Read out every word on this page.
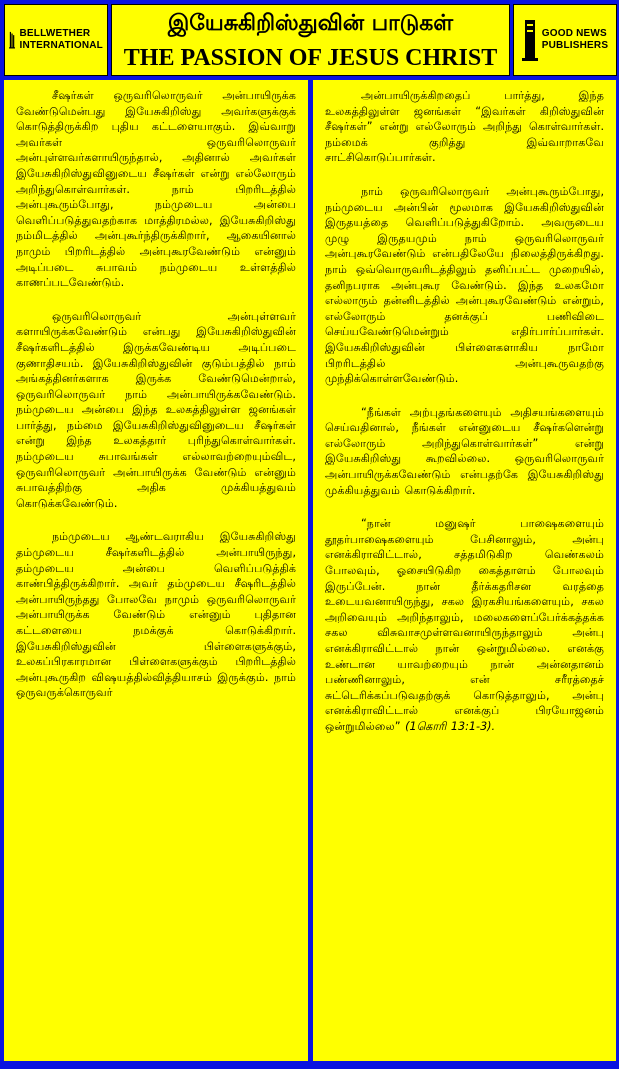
BELLWETHER
INTERNATIONAL
இயேசுகிறிஸ்துவின் பாடுகள்
THE PASSION OF JESUS CHRIST
GOOD NEWS
PUBLISHERS

சீஷர்கள் ஒருவரிலொருவர் அன்பாயிருக்க வேண்டுமென்பது இயேசுகிறிஸ்து அவர்களுக்குக் கொடுத்திருக்கிற புதிய கட்டளையாகும். இவ்வாறு அவர்கள் ஒருவரிலொருவர் அன்புள்ளவர்களாயிருந்தால், அதினால் அவர்கள் இயேசுகிறிஸ்துவினுடைய சீஷர்கள் என்று எல்லோரும் அறிந்துகொள்வார்கள். நாம் பிறரிடத்தில் அன்புகூரும்போது, நம்முடைய அன்பை வெளிப்படுத்துவதற்காக மாத்திரமல்ல, இயேசுகிறிஸ்து நம்மிடத்தில் அன்புகூர்ந்திருக்கிறார், ஆகையினால் நாமும் பிறரிடத்தில் அன்புகூரவேண்டும் என்னும் அடிப்படை சுபாவம் நம்முடைய உள்ளத்தில் காணப்படவேண்டும்.

ஒருவரிலொருவர் அன்புள்ளவர் களாயிருக்கவேண்டும் என்பது இயேசுகிறிஸ்துவின் சீஷர்களிடத்தில் இருக்கவேண்டிய அடிப்படை குணாதிசயம். இயேசுகிறிஸ்துவின் குடும்பத்தில் நாம் அங்கத்தினர்களாக இருக்க வேண்டுமென்றால், ஒருவரிலொருவர் நாம் அன்பாயிருக்கவேண்டும். நம்முடைய அன்பை இந்த உலகத்திலுள்ள ஜனங்கள் பார்த்து, நம்மை இயேசுகிறிஸ்துவினுடைய சீஷர்கள் என்று இந்த உலகத்தார் புரிந்துகொள்வார்கள். நம்முடைய சுபாவங்கள் எல்லாவற்றையும்விட, ஒருவரிலொருவர் அன்பாயிருக்க வேண்டும் என்னும் சுபாவத்திற்கு அதிக முக்கியத்துவம் கொடுக்கவேண்டும்.

நம்முடைய ஆண்டவராகிய இயேசுகிறிஸ்து தம்முடைய சீஷர்களிடத்தில் அன்பாயிருந்து, தம்முடைய அன்பை வெளிப்படுத்திக் காண்பித்திருக்கிறார். அவர் தம்முடைய சீஷரிடத்தில் அன்பாயிருந்தது போலவே நாமும் ஒருவரிலொருவர் அன்பாயிருக்க வேண்டும் என்னும் புதிதான கட்டளையை நமக்குக் கொடுக்கிறார். இயேசுகிறிஸ்துவின் பிள்ளைகளுக்கும், உலகப்பிரகாரமான பிள்ளைகளுக்கும் பிறரிடத்தில் அன்புகூருகிற விஷயத்தில்வித்தியாசம் இருக்கும். நாம் ஒருவருக்கொருவர்

அன்பாயிருக்கிறதைப் பார்த்து, இந்த உலகத்திலுள்ள ஜனங்கள் “இவர்கள் கிறிஸ்துவின் சீஷர்கள்” என்று எல்லோரும் அறிந்து கொள்வார்கள். நம்மைக் குறித்து இவ்வாறாகவே சாட்சிகொடுப்பார்கள்.

நாம் ஒருவரிலொருவர் அன்புகூரும்போது, நம்முடைய அன்பின் மூலமாக இயேசுகிறிஸ்துவின் இருதயத்தை வெளிப்படுத்துகிறோம். அவருடைய முழு இருதயமும் நாம் ஒருவரிலொருவர் அன்புகூரவேண்டும் என்பதிலேயே நிலைத்திருக்கிறது. நாம் ஒவ்வொருவரிடத்திலும் தனிப்பட்ட முறையில், தனிநபராக அன்புகூர வேண்டும். இந்த உலகமோ எல்லாரும் தன்னிடத்தில் அன்புகூரவேண்டும் என்றும், எல்லோரும் தனக்குப் பணிவிடை செய்யவேண்டுமென்றும் எதிர்பார்ப்பார்கள். இயேசுகிறிஸ்துவின் பிள்ளைகளாகிய நாமோ பிறரிடத்தில் அன்புகூருவதற்கு முந்திக்கொள்ளவேண்டும்.

“நீங்கள் அற்புதங்களையும் அதிசயங்களையும் செய்வதினால், நீங்கள் என்னுடைய சீஷர்களென்று எல்லோரும் அறிந்துகொள்வார்கள்” என்று இயேசுகிறிஸ்து கூறவில்லை. ஒருவரிலொருவர் அன்பாயிருக்கவேண்டும் என்பதற்கே இயேசுகிறிஸ்து முக்கியத்துவம் கொடுக்கிறார்.

“நான் மனுஷர் பாஷைகளையும் தூதர்பாஷைகளையும் பேசினாலும், அன்பு எனக்கிராவிட்டால், சத்தமிடுகிற வெண்கலம் போலவும், ஓசையிடுகிற கைத்தாளம் போலவும் இருப்பேன். நான் தீர்க்கதரிசன வரத்தை உடையவனாயிருந்து, சகல இரகசியங்களையும், சகல அறிவையும் அறிந்தாலும், மலைகளைப்பேர்க்கத்தக்க சகல விசுவாசமுள்ளவனாயிருந்தாலும் அன்பு எனக்கிராவிட்டால் நான் ஒன்றுமில்லை. எனக்கு உண்டான யாவற்றையும் நான் அன்னதானம் பண்ணினாலும், என் சரீரத்தைச் சுட்டெரிக்கப்படுவதற்குக் கொடுத்தாலும், அன்பு எனக்கிராவிட்டால் எனக்குப் பிரயோஜனம் ஒன்றுமில்லை” (1கொரி 13:1-3).
